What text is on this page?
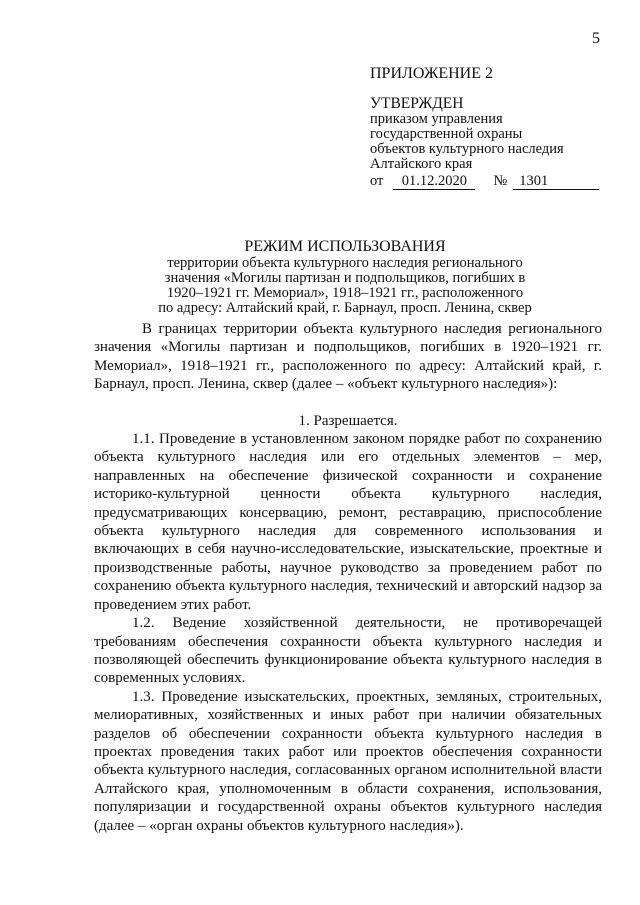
5
ПРИЛОЖЕНИЕ 2
УТВЕРЖДЕН
приказом управления
государственной охраны
объектов культурного наследия
Алтайского края
от	01.12.2020	№ 1301
РЕЖИМ ИСПОЛЬЗОВАНИЯ
территории объекта культурного наследия регионального
значения «Могилы партизан и подпольщиков, погибших в
1920–1921 гг. Мемориал», 1918–1921 гг., расположенного
по адресу: Алтайский край, г. Барнаул, просп. Ленина, сквер

В границах территории объекта культурного наследия регионального значения «Могилы партизан и подпольщиков, погибших в 1920–1921 гг. Мемориал», 1918–1921 гг., расположенного по адресу: Алтайский край, г. Барнаул, просп. Ленина, сквер (далее – «объект культурного наследия»):

1. Разрешается.

1.1. Проведение в установленном законом порядке работ по сохранению объекта культурного наследия или его отдельных элементов – мер, направленных на обеспечение физической сохранности и сохранение историко-культурной ценности объекта культурного наследия, предусматривающих консервацию, ремонт, реставрацию, приспособление объекта культурного наследия для современного использования и включающих в себя научно-исследовательские, изыскательские, проектные и производственные работы, научное руководство за проведением работ по сохранению объекта культурного наследия, технический и авторский надзор за проведением этих работ.

1.2. Ведение хозяйственной деятельности, не противоречащей требованиям обеспечения сохранности объекта культурного наследия и позволяющей обеспечить функционирование объекта культурного наследия в современных условиях.

1.3. Проведение изыскательских, проектных, земляных, строительных, мелиоративных, хозяйственных и иных работ при наличии обязательных разделов об обеспечении сохранности объекта культурного наследия в проектах проведения таких работ или проектов обеспечения сохранности объекта культурного наследия, согласованных органом исполнительной власти Алтайского края, уполномоченным в области сохранения, использования, популяризации и государственной охраны объектов культурного наследия (далее – «орган охраны объектов культурного наследия»).
